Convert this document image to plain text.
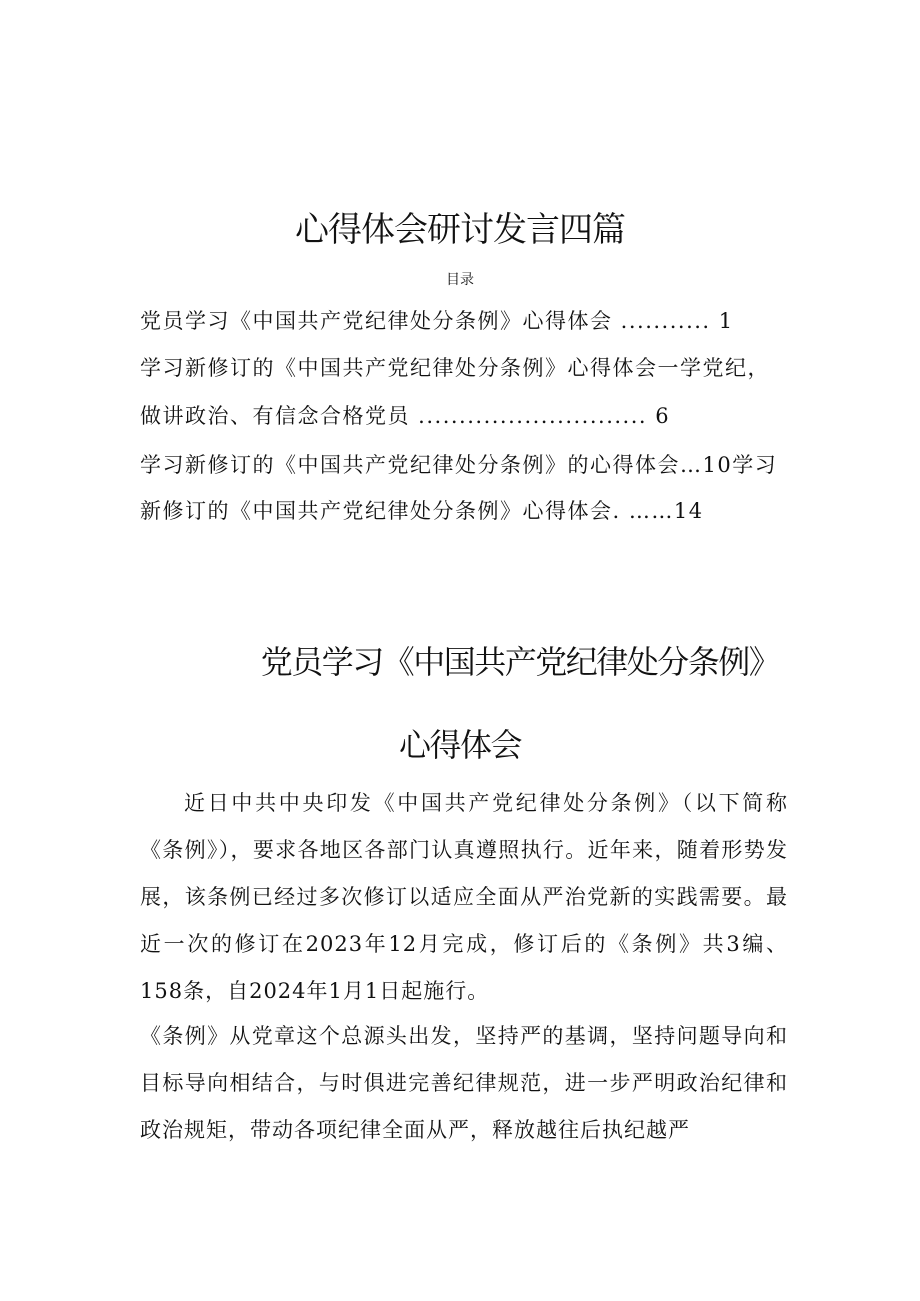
心得体会研讨发言四篇
目录
党员学习《中国共产党纪律处分条例》心得体会 ........... 1
学习新修订的《中国共产党纪律处分条例》心得体会一学党纪，
做讲政治、有信念合格党员 ............................ 6
学习新修订的《中国共产党纪律处分条例》的心得体会…10学习
新修订的《中国共产党纪律处分条例》心得体会. ……14
党员学习《中国共产党纪律处分条例》
心得体会
近日中共中央印发《中国共产党纪律处分条例》（以下简称《条例》），要求各地区各部门认真遵照执行。近年来，随着形势发展，该条例已经过多次修订以适应全面从严治党新的实践需要。最近一次的修订在2023年12月完成，修订后的《条例》共3编、158条，自2024年1月1日起施行。
《条例》从党章这个总源头出发，坚持严的基调，坚持问题导向和目标导向相结合，与时俱进完善纪律规范，进一步严明政治纪律和政治规矩，带动各项纪律全面从严，释放越往后执纪越严
